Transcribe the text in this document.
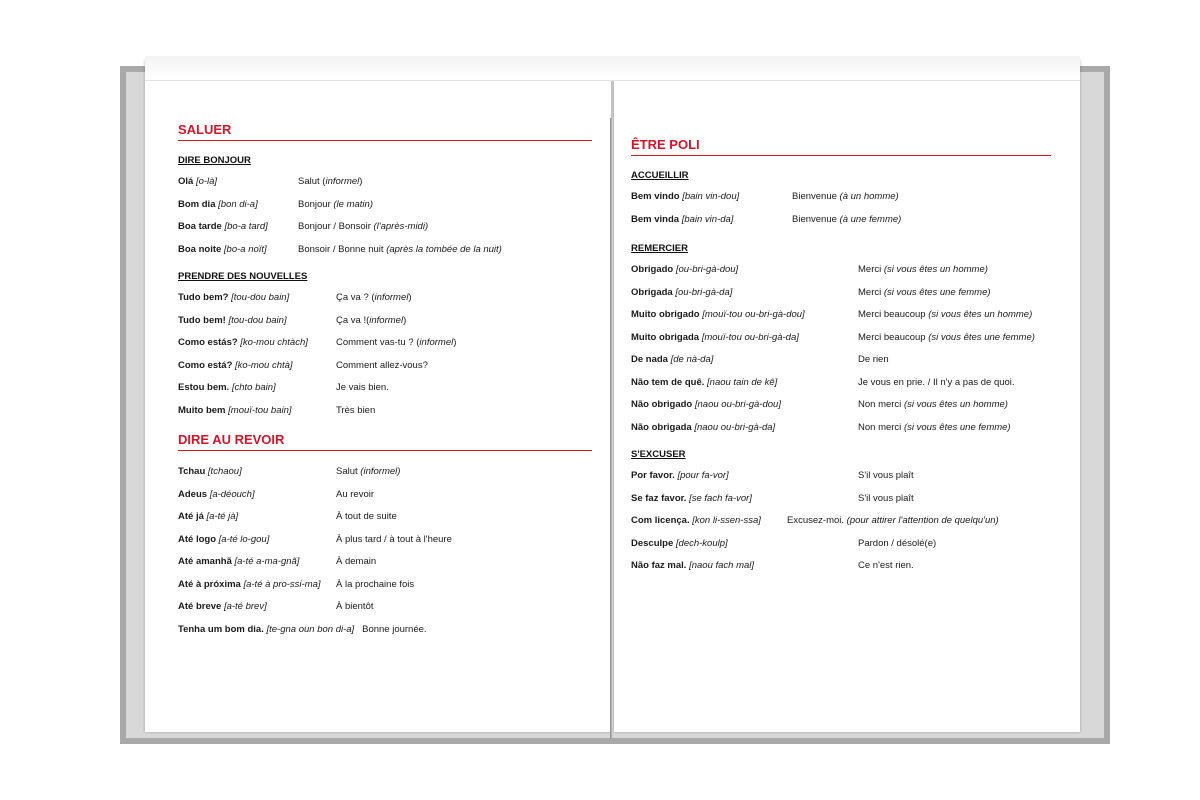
SALUER
DIRE BONJOUR
Olá [o-là]	Salut (informel)
Bom dia [bon di-a]	Bonjour (le matin)
Boa tarde [bo-a tard]	Bonjour / Bonsoir (l'après-midi)
Boa noite [bo-a noït]	Bonsoir / Bonne nuit (après la tombée de la nuit)
PRENDRE DES NOUVELLES
Tudo bem? [tou-dou bain]	Ça va ? (informel)
Tudo bem! [tou-dou bain]	Ça va !(informel)
Como estás? [ko-mou chtàch]	Comment vas-tu ? (informel)
Como está? [ko-mou chtà]	Comment allez-vous?
Estou bem. [chto bain]	Je vais bien.
Muito bem [mouï-tou bain]	Très bien
DIRE AU REVOIR
Tchau [tchaou]	Salut (informel)
Adeus [a-déouch]	Au revoir
Até já [a-té jà]	À tout de suite
Até logo [a-té lo-gou]	À plus tard / à tout à l'heure
Até amanhã [a-té a-ma-gnã]	À demain
Até à próxima [a-té à pro-ssi-ma] À la prochaine fois
Até breve [a-té brev]	À bientôt
Tenha um bom dia. [te-gna oun bon di-a] Bonne journée.
ÊTRE POLI
ACCUEILLIR
Bem vindo [bain vin-dou]	Bienvenue (à un homme)
Bem vinda [bain vin-da]	Bienvenue (à une femme)
REMERCIER
Obrigado [ou-bri-gà-dou]	Merci (si vous êtes un homme)
Obrigada [ou-bri-gà-da]	Merci (si vous êtes une femme)
Muito obrigado [mouï-tou ou-bri-gà-dou]	Merci beaucoup (si vous êtes un homme)
Muito obrigada [mouï-tou ou-bri-gà-da]	Merci beaucoup (si vous êtes une femme)
De nada [de nà-da]	De rien
Não tem de quê. [naou tain de kê]	Je vous en prie. / Il n'y a pas de quoi.
Não obrigado [naou ou-bri-gà-dou]	Non merci (si vous êtes un homme)
Não obrigada [naou ou-bri-gà-da]	Non merci (si vous êtes une femme)
S'EXCUSER
Por favor. [pour fa-vor]	S'il vous plaît
Se faz favor. [se fach fa-vor]	S'il vous plaît
Com licença. [kon li-ssen-ssa]	Excusez-moi. (pour attirer l'attention de quelqu'un)
Desculpe [dech-koulp]	Pardon / désolé(e)
Não faz mal. [naou fach mal]	Ce n'est rien.
